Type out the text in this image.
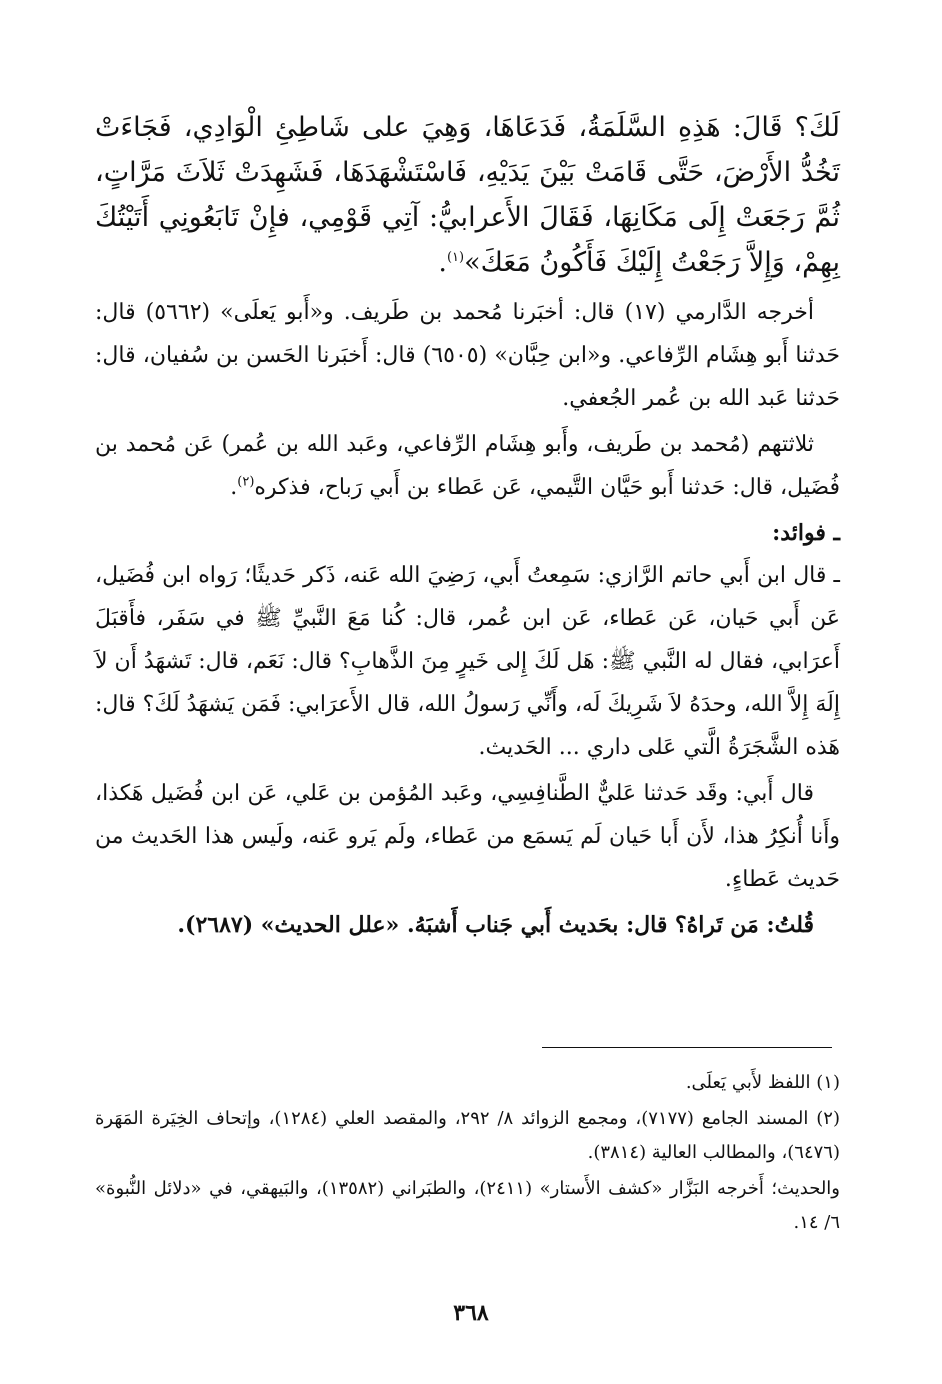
لَكَ؟ قَالَ: هَذِهِ السَّلَمَةُ، فَدَعَاهَا، وَهِيَ على شَاطِئِ الْوَادِي، فَجَاءَتْ تَخُدُّ الأَرْضَ، حَتَّى قَامَتْ بَيْنَ يَدَيْهِ، فَاسْتَشْهَدَهَا، فَشَهِدَتْ ثَلاَثَ مَرَّاتٍ، ثُمَّ رَجَعَتْ إِلَى مَكَانِهَا، فَقَالَ الأَعرابيُّ: آتِي قَوْمِي، فإِنْ تَابَعُونِي أَتَيْتُكَ بِهِمْ، وَإِلاَّ رَجَعْتُ إِلَيْكَ فَأَكُونُ مَعَكَ»$^{(١)}$.

أخرجه الدَّارمي (١٧) قال: أخبَرنا مُحمد بن طَريف. و«أَبو يَعلَى» (٥٦٦٢) قال: حَدثنا أَبو هِشَام الرِّفاعي. و«ابن حِبَّان» (٦٥٠٥) قال: أَخبَرنا الحَسن بن سُفيان، قال: حَدثنا عَبد الله بن عُمر الجُعفي.

ثلاثتهم (مُحمد بن طَريف، وأَبو هِشَام الرِّفاعي، وعَبد الله بن عُمر) عَن مُحمد بن فُضَيل، قال: حَدثنا أَبو حَيَّان التَّيمي، عَن عَطاء بن أَبي رَباح، فذكره$^{(٢)}$.

ـ فوائد:

ـ قال ابن أَبي حاتم الرَّازي: سَمِعتُ أَبي، رَضِيَ الله عَنه، ذَكر حَديثًا؛ رَواه ابن فُضَيل، عَن أَبي حَيان، عَن عَطاء، عَن ابن عُمر، قال: كُنا مَعَ النَّبيِّ ﷺ في سَفَر، فأَقبَلَ أَعرَابي، فقال له النَّبي ﷺ: هَل لَكَ إِلى خَيرٍ مِنَ الذَّهابِ؟ قال: نَعَم، قال: تَشهَدُ أَن لاَ إِلَهَ إِلاَّ الله، وحدَهُ لاَ شَرِيكَ لَه، وأَنِّي رَسولُ الله، قال الأَعرَابي: فَمَن يَشهَدُ لَكَ؟ قال: هَذه الشَّجَرَةُ الَّتي عَلى داري ... الحَديث.

قال أَبي: وقَد حَدثنا عَليٌّ الطَّنافِسِي، وعَبد المُؤمن بن عَلي، عَن ابن فُضَيل هَكذا، وأَنا أُنكِرُ هذا، لأَن أَبا حَيان لَم يَسمَع من عَطاء، ولَم يَرو عَنه، ولَيس هذا الحَديث من حَديث عَطاءٍ.

قُلتُ: مَن تَراهُ؟ قال: بحَديث أَبي جَناب أَشبَهُ. «علل الحديث» (٢٦٨٧).

(١) اللفظ لأَبي يَعلَى.

(٢) المسند الجامع (٧١٧٧)، ومجمع الزوائد ٨/ ٢٩٢، والمقصد العلي (١٢٨٤)، وإتحاف الخِيَرة المَهَرة (٦٤٧٦)، والمطالب العالية (٣٨١٤).

والحديث؛ أَخرجه البَزَّار «كشف الأَستار» (٢٤١١)، والطبَراني (١٣٥٨٢)، والبَيهقي، في «دلائل النُّبوة» ٦/ ١٤.

٣٦٨
